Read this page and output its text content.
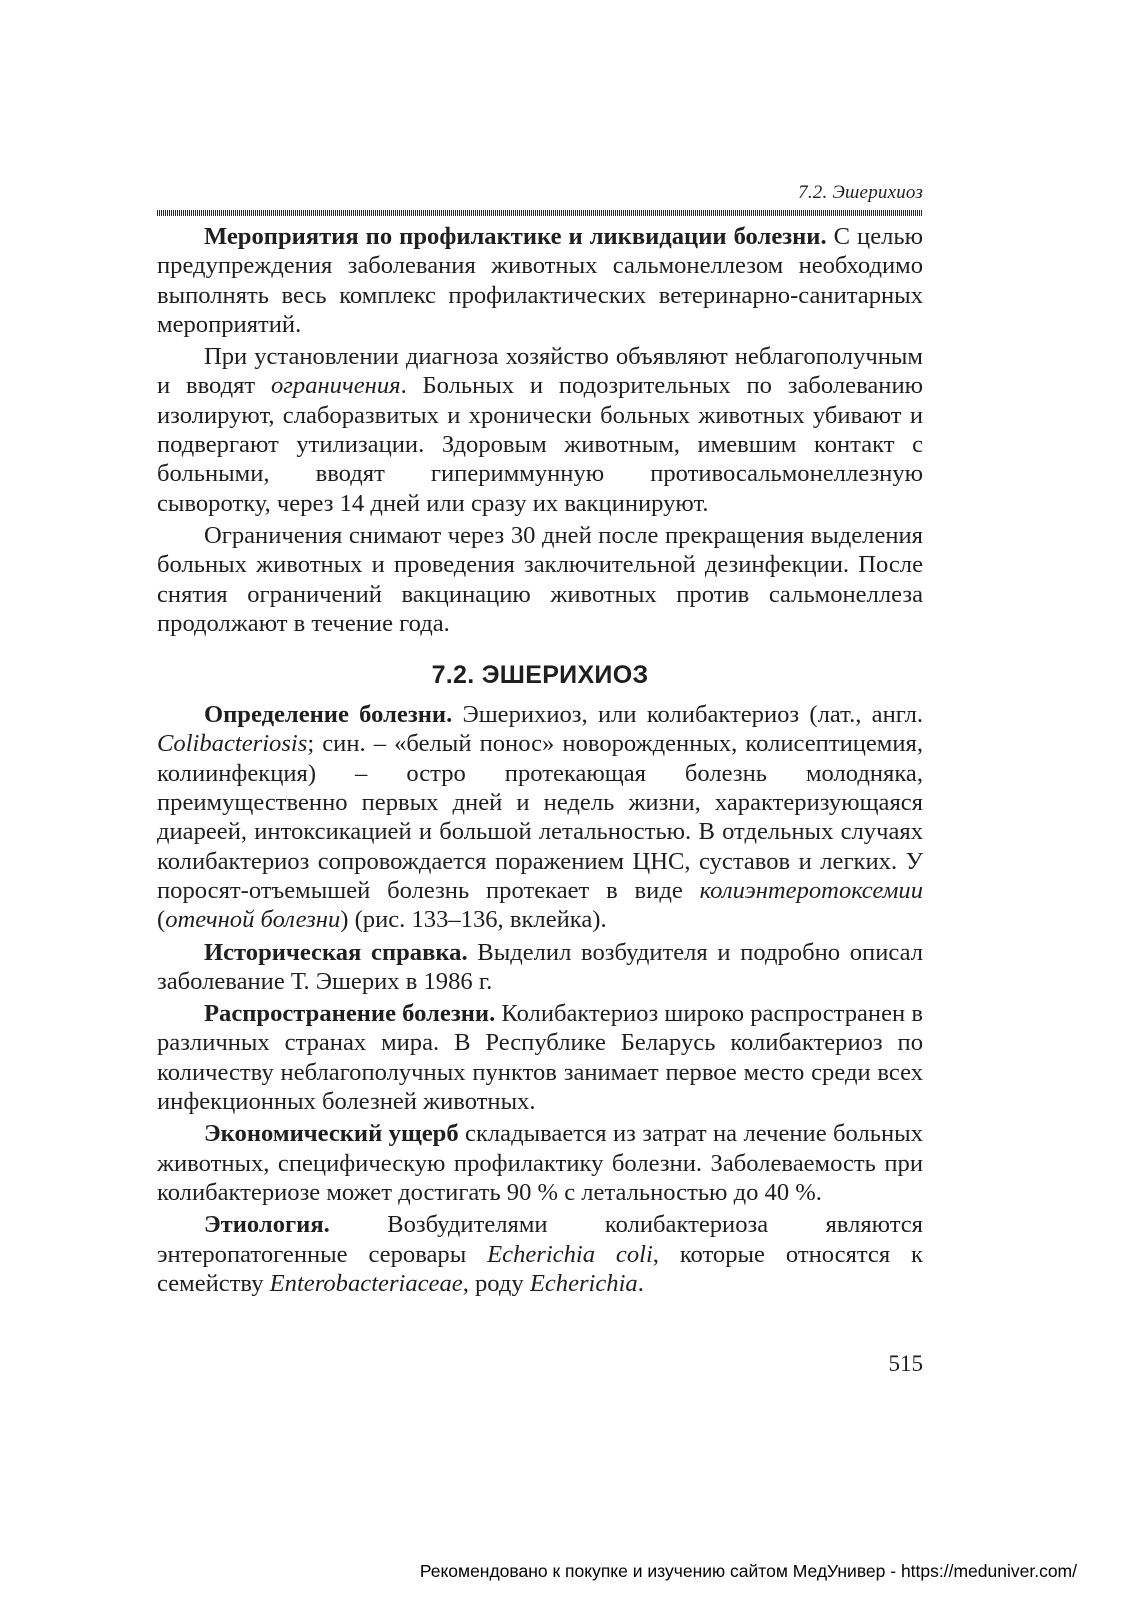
7.2. Эшерихиоз

Мероприятия по профилактике и ликвидации болезни. С целью предупреждения заболевания животных сальмонеллезом необходимо выполнять весь комплекс профилактических ветеринарно-санитарных мероприятий.

При установлении диагноза хозяйство объявляют неблагополучным и вводят ограничения. Больных и подозрительных по заболеванию изолируют, слаборазвитых и хронически больных животных убивают и подвергают утилизации. Здоровым животным, имевшим контакт с больными, вводят гипериммунную противосальмонеллезную сыворотку, через 14 дней или сразу их вакцинируют.

Ограничения снимают через 30 дней после прекращения выделения больных животных и проведения заключительной дезинфекции. После снятия ограничений вакцинацию животных против сальмонеллеза продолжают в течение года.

7.2. ЭШЕРИХИОЗ

Определение болезни. Эшерихиоз, или колибактериоз (лат., англ. Colibacteriosis; син. – «белый понос» новорожденных, колисептицемия, колиинфекция) – остро протекающая болезнь молодняка, преимущественно первых дней и недель жизни, характеризующаяся диареей, интоксикацией и большой летальностью. В отдельных случаях колибактериоз сопровождается поражением ЦНС, суставов и легких. У поросят-отъемышей болезнь протекает в виде колиэнтеротоксемии (отечной болезни) (рис. 133–136, вклейка).

Историческая справка. Выделил возбудителя и подробно описал заболевание Т. Эшерих в 1986 г.

Распространение болезни. Колибактериоз широко распространен в различных странах мира. В Республике Беларусь колибактериоз по количеству неблагополучных пунктов занимает первое место среди всех инфекционных болезней животных.

Экономический ущерб складывается из затрат на лечение больных животных, специфическую профилактику болезни. Заболеваемость при колибактериозе может достигать 90 % с летальностью до 40 %.

Этиология. Возбудителями колибактериоза являются энтеропатогенные серовары Echerichia coli, которые относятся к семейству Enterobacteriaceae, роду Echerichia.

515
Рекомендовано к покупке и изучению сайтом МедУнивер - https://meduniver.com/
